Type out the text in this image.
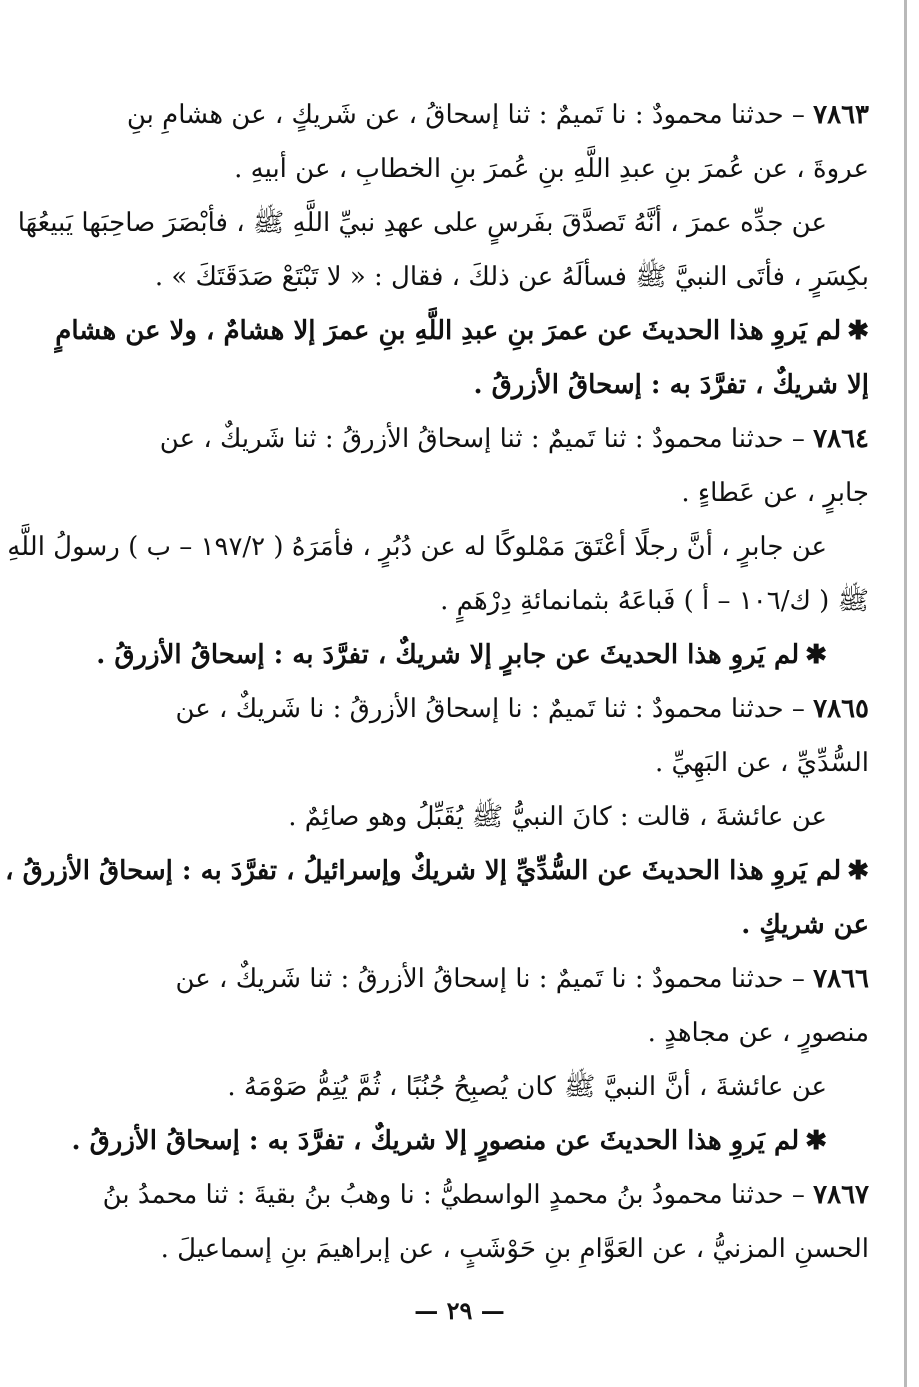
٧٨٦٣ – حدثنا محمودٌ : نا تَميمٌ : ثنا إسحاقُ ، عن شَريكٍ ، عن هشامِ بنِ
عروةَ ، عن عُمرَ بنِ عبدِ اللَّهِ بنِ عُمرَ بنِ الخطابِ ، عن أبيهِ .
عن جدِّه عمرَ ، أنَّهُ تَصدَّقَ بفَرسٍ على عهدِ نبيِّ اللَّهِ ﷺ ، فأبْصَرَ صاحِبَها يَبيعُهَا
بكِسَرٍ ، فأتَى النبيَّ ﷺ فسألَهُ عن ذلكَ ، فقال : « لا تَبْتَعْ صَدَقَتَكَ » .
✱لم يَروِ هذا الحديثَ عن عمرَ بنِ عبدِ اللَّهِ بنِ عمرَ إلا هشامٌ ، ولا عن هشامٍ
إلا شريكٌ ، تفرَّدَ به : إسحاقُ الأزرقُ .
٧٨٦٤ – حدثنا محمودٌ : ثنا تَميمٌ : ثنا إسحاقُ الأزرقُ : ثنا شَريكٌ ، عن
جابرٍ ، عن عَطاءٍ .
عن جابرٍ ، أنَّ رجلًا أعْتَقَ مَمْلوكًا له عن دُبُرٍ ، فأمَرَهُ ( ١٩٧/٢ – ب ) رسولُ اللَّهِ
ﷺ ( ك/١٠٦ – أ ) فَباعَهُ بثمانمائةِ دِرْهَمٍ .
✱لم يَروِ هذا الحديثَ عن جابرٍ إلا شريكٌ ، تفرَّدَ به : إسحاقُ الأزرقُ .
٧٨٦٥ – حدثنا محمودٌ : ثنا تَميمٌ : نا إسحاقُ الأزرقُ : نا شَريكٌ ، عن
السُّدِّيِّ ، عن البَهِيِّ .
عن عائشةَ ، قالت : كانَ النبيُّ ﷺ يُقَبِّلُ وهو صائِمٌ .
✱لم يَروِ هذا الحديثَ عن السُّدِّيِّ إلا شريكٌ وإسرائيلُ ، تفرَّدَ به : إسحاقُ الأزرقُ ،
عن شريكٍ .
٧٨٦٦ – حدثنا محمودٌ : نا تَميمٌ : نا إسحاقُ الأزرقُ : ثنا شَريكٌ ، عن
منصورٍ ، عن مجاهدٍ .
عن عائشةَ ، أنَّ النبيَّ ﷺ كان يُصبِحُ جُنُبًا ، ثُمَّ يُتِمُّ صَوْمَهُ .
✱لم يَروِ هذا الحديثَ عن منصورٍ إلا شريكٌ ، تفرَّدَ به : إسحاقُ الأزرقُ .
٧٨٦٧ – حدثنا محمودُ بنُ محمدٍ الواسطيُّ : نا وهبُ بنُ بقيةَ : ثنا محمدُ بنُ
الحسنِ المزنيُّ ، عن العَوَّامِ بنِ حَوْشَبٍ ، عن إبراهيمَ بنِ إسماعيلَ .
— ٢٩ —
